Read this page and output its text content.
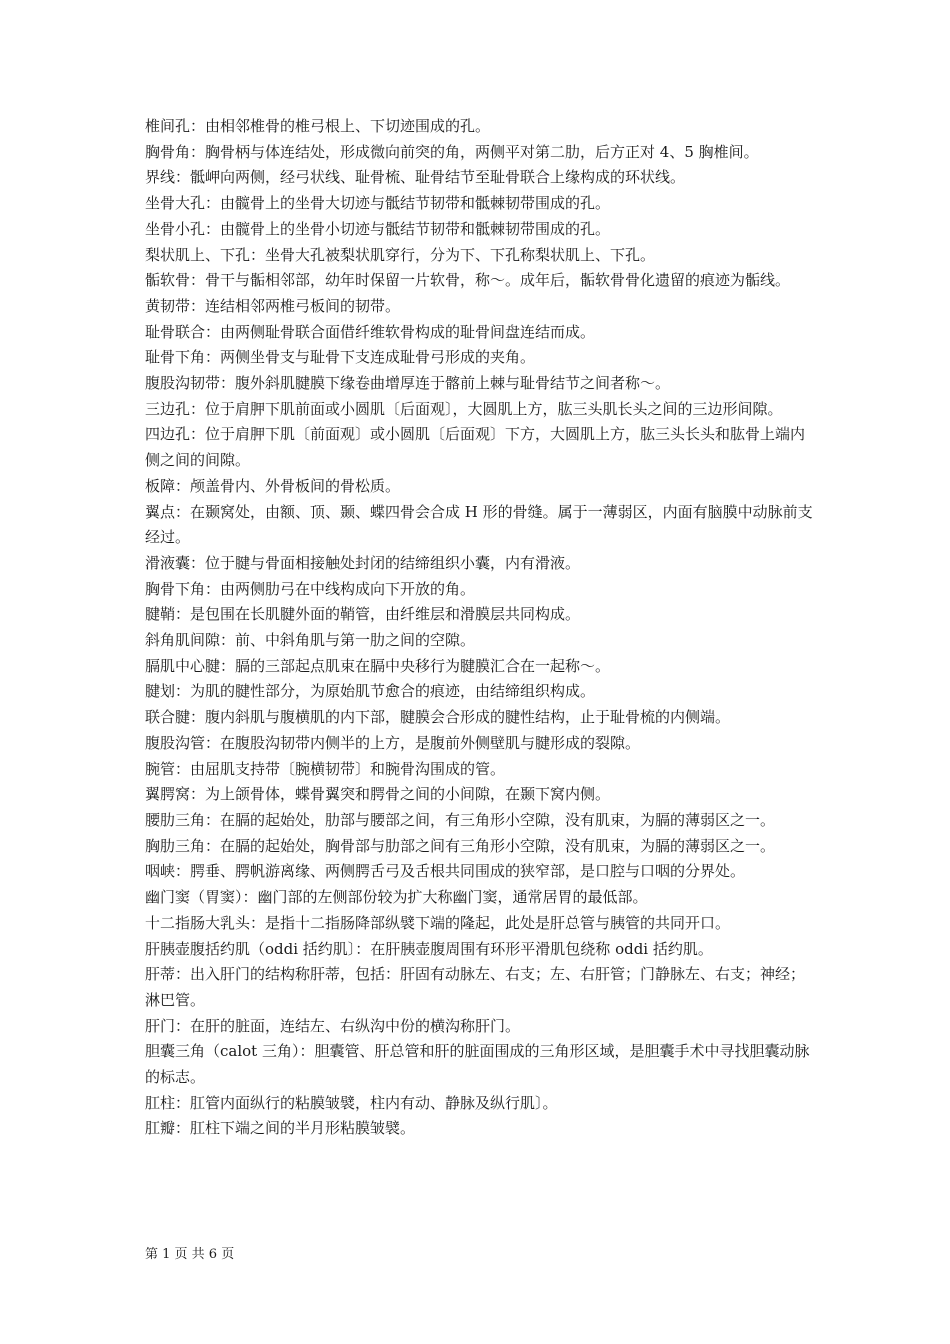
椎间孔：由相邻椎骨的椎弓根上、下切迹围成的孔。

胸骨角：胸骨柄与体连结处，形成微向前突的角，两侧平对第二肋，后方正对 4、5 胸椎间。

界线：骶岬向两侧，经弓状线、耻骨梳、耻骨结节至耻骨联合上缘构成的环状线。

坐骨大孔：由髋骨上的坐骨大切迹与骶结节韧带和骶棘韧带围成的孔。

坐骨小孔：由髋骨上的坐骨小切迹与骶结节韧带和骶棘韧带围成的孔。

梨状肌上、下孔：坐骨大孔被梨状肌穿行，分为下、下孔称梨状肌上、下孔。

骺软骨：骨干与骺相邻部，幼年时保留一片软骨，称～。成年后，骺软骨骨化遗留的痕迹为骺线。

黄韧带：连结相邻两椎弓板间的韧带。

耻骨联合：由两侧耻骨联合面借纤维软骨构成的耻骨间盘连结而成。

耻骨下角：两侧坐骨支与耻骨下支连成耻骨弓形成的夹角。

腹股沟韧带：腹外斜肌腱膜下缘卷曲增厚连于髂前上棘与耻骨结节之间者称～。

三边孔：位于肩胛下肌前面或小圆肌〔后面观〕，大圆肌上方，肱三头肌长头之间的三边形间隙。

四边孔：位于肩胛下肌〔前面观〕或小圆肌〔后面观〕下方，大圆肌上方，肱三头长头和肱骨上端内侧之间的间隙。

板障：颅盖骨内、外骨板间的骨松质。

翼点：在颞窝处，由额、顶、颞、蝶四骨会合成 H 形的骨缝。属于一薄弱区，内面有脑膜中动脉前支经过。

滑液囊：位于腱与骨面相接触处封闭的结缔组织小囊，内有滑液。

胸骨下角：由两侧肋弓在中线构成向下开放的角。

腱鞘：是包围在长肌腱外面的鞘管，由纤维层和滑膜层共同构成。

斜角肌间隙：前、中斜角肌与第一肋之间的空隙。

膈肌中心腱：膈的三部起点肌束在膈中央移行为腱膜汇合在一起称～。

腱划：为肌的腱性部分，为原始肌节愈合的痕迹，由结缔组织构成。

联合腱：腹内斜肌与腹横肌的内下部，腱膜会合形成的腱性结构，止于耻骨梳的内侧端。

腹股沟管：在腹股沟韧带内侧半的上方，是腹前外侧壁肌与腱形成的裂隙。

腕管：由屈肌支持带〔腕横韧带〕和腕骨沟围成的管。

翼腭窝：为上颌骨体，蝶骨翼突和腭骨之间的小间隙，在颞下窝内侧。

腰肋三角：在膈的起始处，肋部与腰部之间，有三角形小空隙，没有肌束，为膈的薄弱区之一。

胸肋三角：在膈的起始处，胸骨部与肋部之间有三角形小空隙，没有肌束，为膈的薄弱区之一。

咽峡：腭垂、腭帆游离缘、两侧腭舌弓及舌根共同围成的狭窄部，是口腔与口咽的分界处。

幽门窦（胃窦）：幽门部的左侧部份较为扩大称幽门窦，通常居胃的最低部。

十二指肠大乳头：是指十二指肠降部纵襞下端的隆起，此处是肝总管与胰管的共同开口。

肝胰壶腹括约肌（oddi 括约肌〕：在肝胰壶腹周围有环形平滑肌包绕称 oddi 括约肌。

肝蒂：出入肝门的结构称肝蒂，包括：肝固有动脉左、右支；左、右肝管；门静脉左、右支；神经；淋巴管。

肝门：在肝的脏面，连结左、右纵沟中份的横沟称肝门。

胆囊三角（calot 三角）：胆囊管、肝总管和肝的脏面围成的三角形区域，是胆囊手术中寻找胆囊动脉的标志。

肛柱：肛管内面纵行的粘膜皱襞，柱内有动、静脉及纵行肌〕。

肛瓣：肛柱下端之间的半月形粘膜皱襞。

第 1 页 共 6 页
